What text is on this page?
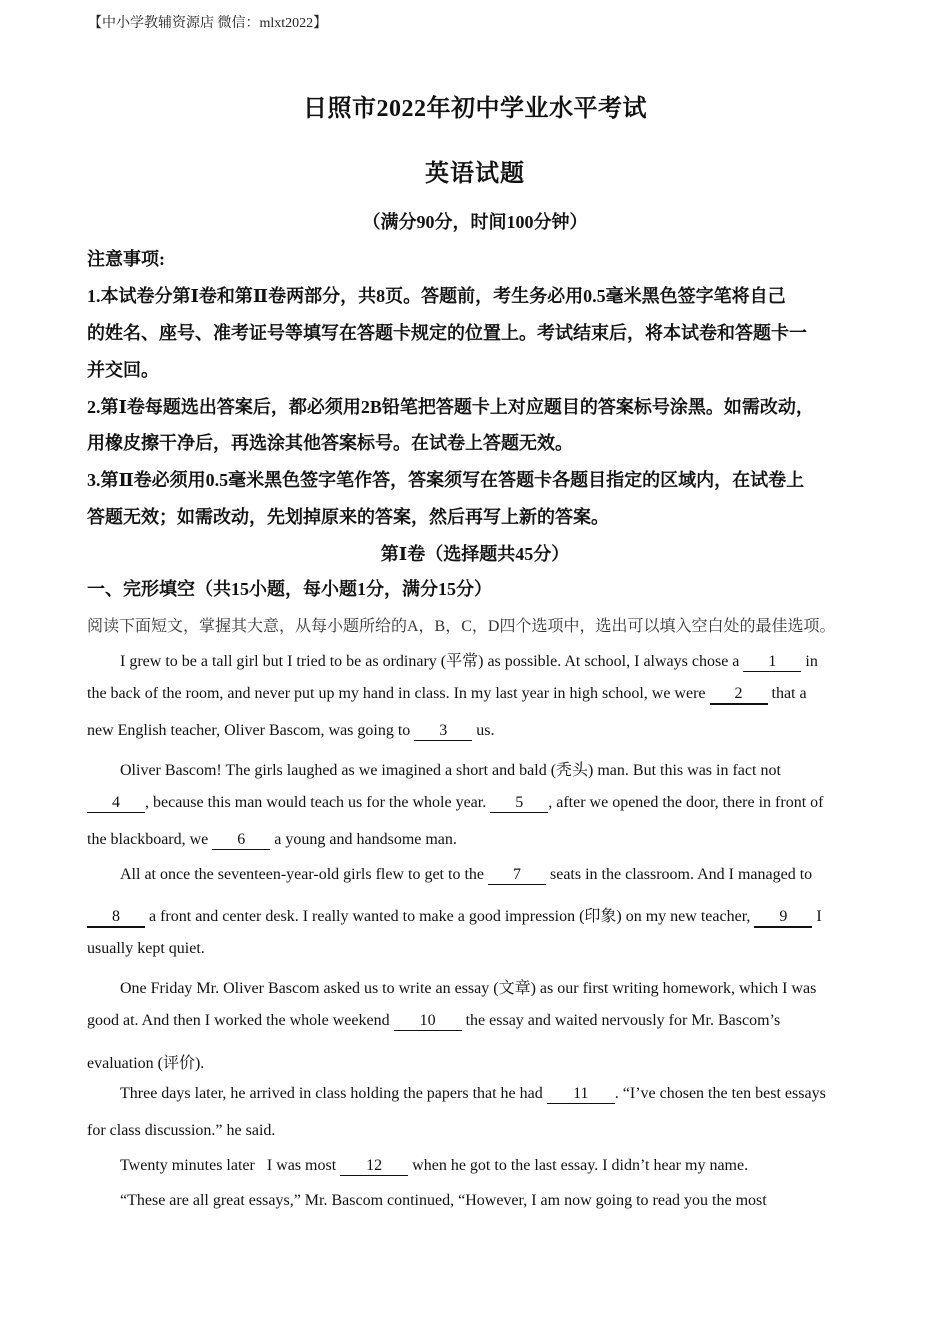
【中小学教辅资源店 微信：mlxt2022】
日照市2022年初中学业水平考试
英语试题
（满分90分，时间100分钟）
注意事项:
1.本试卷分第Ⅰ卷和第Ⅱ卷两部分，共8页。答题前，考生务必用0.5毫米黑色签字笔将自己
的姓名、座号、准考证号等填写在答题卡规定的位置上。考试结束后，将本试卷和答题卡一
并交回。
2.第Ⅰ卷每题选出答案后，都必须用2B铅笔把答题卡上对应题目的答案标号涂黑。如需改动，
用橡皮擦干净后，再选涂其他答案标号。在试卷上答题无效。
3.第Ⅱ卷必须用0.5毫米黑色签字笔作答，答案须写在答题卡各题目指定的区域内，在试卷上
答题无效；如需改动，先划掉原来的答案，然后再写上新的答案。
第Ⅰ卷（选择题共45分）
一、完形填空（共15小题，每小题1分，满分15分）
阅读下面短文，掌握其大意，从每小题所给的A，B，C，D四个选项中，选出可以填入空白处的最佳选项。
I grew to be a tall girl but I tried to be as ordinary (平常) as possible. At school, I always chose a 1 in
the back of the room, and never put up my hand in class. In my last year in high school, we were 2 that a
new English teacher, Oliver Bascom, was going to 3 us.
Oliver Bascom! The girls laughed as we imagined a short and bald (秃头) man. But this was in fact not
4 , because this man would teach us for the whole year. 5 , after we opened the door, there in front of
the blackboard, we 6 a young and handsome man.
All at once the seventeen-year-old girls flew to get to the 7 seats in the classroom. And I managed to
8 a front and center desk. I really wanted to make a good impression (印象) on my new teacher, 9 I
usually kept quiet.
One Friday Mr. Oliver Bascom asked us to write an essay (文章) as our first writing homework, which I was
good at. And then I worked the whole weekend 10 the essay and waited nervously for Mr. Bascom’s
evaluation (评价).
Three days later, he arrived in class holding the papers that he had 11 . “I’ve chosen the ten best essays
for class discussion.” he said.
Twenty minutes later   I was most 12 when he got to the last essay. I didn’t hear my name.
“These are all great essays,” Mr. Bascom continued, “However, I am now going to read you the most
